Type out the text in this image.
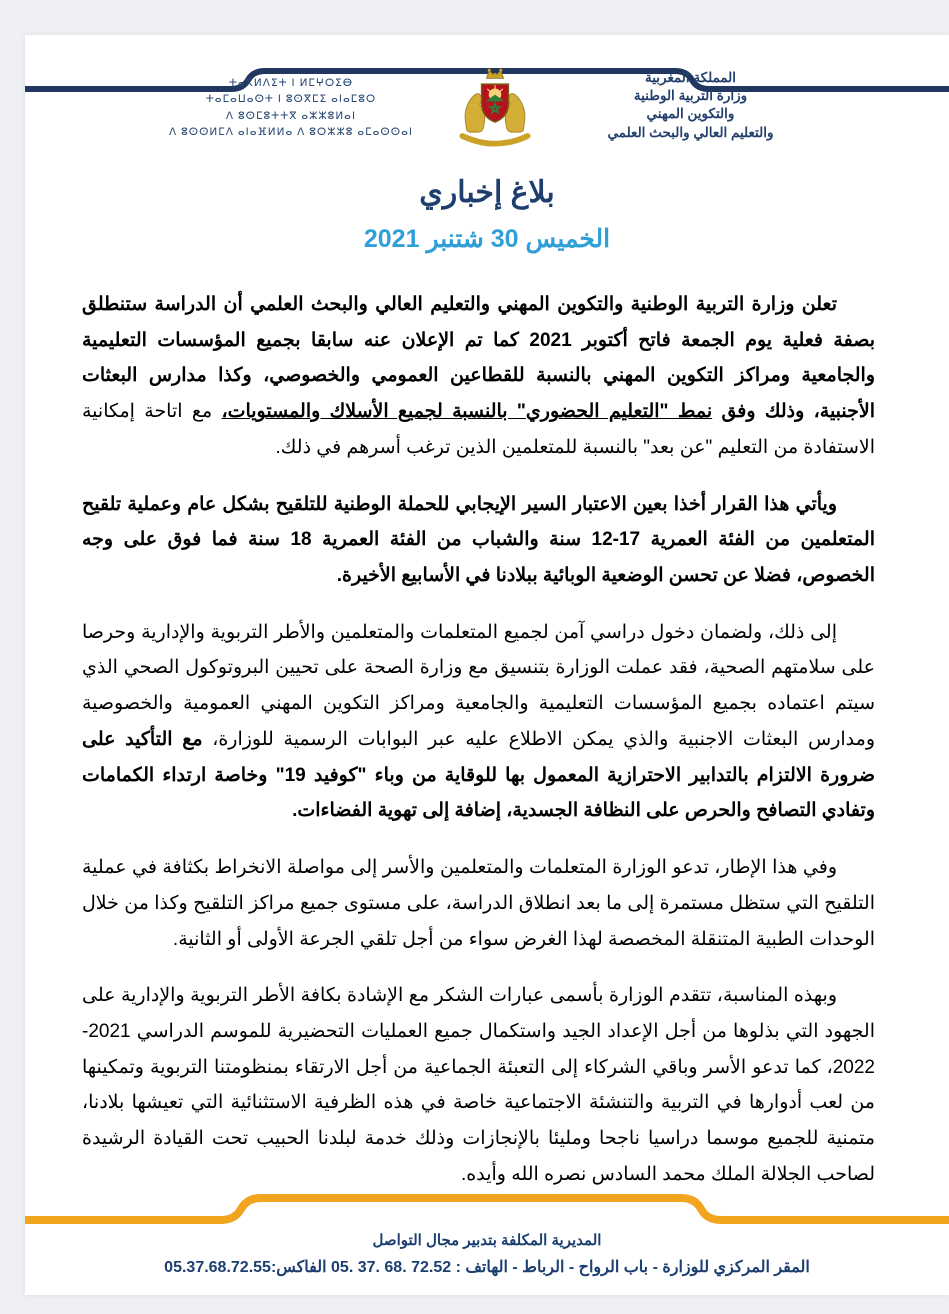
ⵜⴰⴳⵍⴷⵉⵜ ⵏ ⵍⵎⵖⵔⵉⴱ
ⵜⴰⵎⴰⵡⴰⵙⵜ ⵏ ⵓⵙⴳⵎⵉ ⴰⵏⴰⵎⵓⵔ
ⴷ ⵓⵙⵎⵓⵜⵜⴳ ⴰⵣⵣⵓⵍⴰⵏ
ⴷ ⵓⵙⵙⵍⵎⴷ ⴰⵏⴰⴼⵍⵍⴰ ⴷ ⵓⵔⵣⵣⵓ ⴰⵎⴰⵙⵙⴰⵏ
المملكة المغربية
وزارة التربية الوطنية
والتكوين المهني
والتعليم العالي والبحث العلمي
بلاغ إخباري
الخميس 30 شتنبر 2021

تعلن وزارة التربية الوطنية والتكوين المهني والتعليم العالي والبحث العلمي أن الدراسة ستنطلق بصفة فعلية يوم الجمعة فاتح أكتوبر 2021 كما تم الإعلان عنه سابقا بجميع المؤسسات التعليمية والجامعية ومراكز التكوين المهني بالنسبة للقطاعين العمومي والخصوصي، وكذا مدارس البعثات الأجنبية، وذلك وفق نمط "التعليم الحضوري" بالنسبة لجميع الأسلاك والمستويات، مع اتاحة إمكانية الاستفادة من التعليم "عن بعد" بالنسبة للمتعلمين الذين ترغب أسرهم في ذلك.

ويأتي هذا القرار أخذا بعين الاعتبار السير الإيجابي للحملة الوطنية للتلقيح بشكل عام وعملية تلقيح المتعلمين من الفئة العمرية 17-12 سنة والشباب من الفئة العمرية 18 سنة فما فوق على وجه الخصوص، فضلا عن تحسن الوضعية الوبائية ببلادنا في الأسابيع الأخيرة.

إلى ذلك، ولضمان دخول دراسي آمن لجميع المتعلمات والمتعلمين والأطر التربوية والإدارية وحرصا على سلامتهم الصحية، فقد عملت الوزارة بتنسيق مع وزارة الصحة على تحيين البروتوكول الصحي الذي سيتم اعتماده بجميع المؤسسات التعليمية والجامعية ومراكز التكوين المهني العمومية والخصوصية ومدارس البعثات الاجنبية والذي يمكن الاطلاع عليه عبر البوابات الرسمية للوزارة، مع التأكيد على ضرورة الالتزام بالتدابير الاحترازية المعمول بها للوقاية من وباء "كوفيد 19" وخاصة ارتداء الكمامات وتفادي التصافح والحرص على النظافة الجسدية، إضافة إلى تهوية الفضاءات.

وفي هذا الإطار، تدعو الوزارة المتعلمات والمتعلمين والأسر إلى مواصلة الانخراط بكثافة في عملية التلقيح التي ستظل مستمرة إلى ما بعد انطلاق الدراسة، على مستوى جميع مراكز التلقيح وكذا من خلال الوحدات الطبية المتنقلة المخصصة لهذا الغرض سواء من أجل تلقي الجرعة الأولى أو الثانية.

وبهذه المناسبة، تتقدم الوزارة بأسمى عبارات الشكر مع الإشادة بكافة الأطر التربوية والإدارية على الجهود التي بذلوها من أجل الإعداد الجيد واستكمال جميع العمليات التحضيرية للموسم الدراسي 2021-2022، كما تدعو الأسر وباقي الشركاء إلى التعبئة الجماعية من أجل الارتقاء بمنظومتنا التربوية وتمكينها من لعب أدوارها في التربية والتنشئة الاجتماعية خاصة في هذه الظرفية الاستثنائية التي تعيشها بلادنا، متمنية للجميع موسما دراسيا ناجحا ومليئا بالإنجازات وذلك خدمة لبلدنا الحبيب تحت القيادة الرشيدة لصاحب الجلالة الملك محمد السادس نصره الله وأيده.

المديرية المكلفة بتدبير مجال التواصل
المقر المركزي للوزارة - باب الرواح - الرباط - الهاتف : 05. 37. 68. 72.52 الفاكس:05.37.68.72.55
